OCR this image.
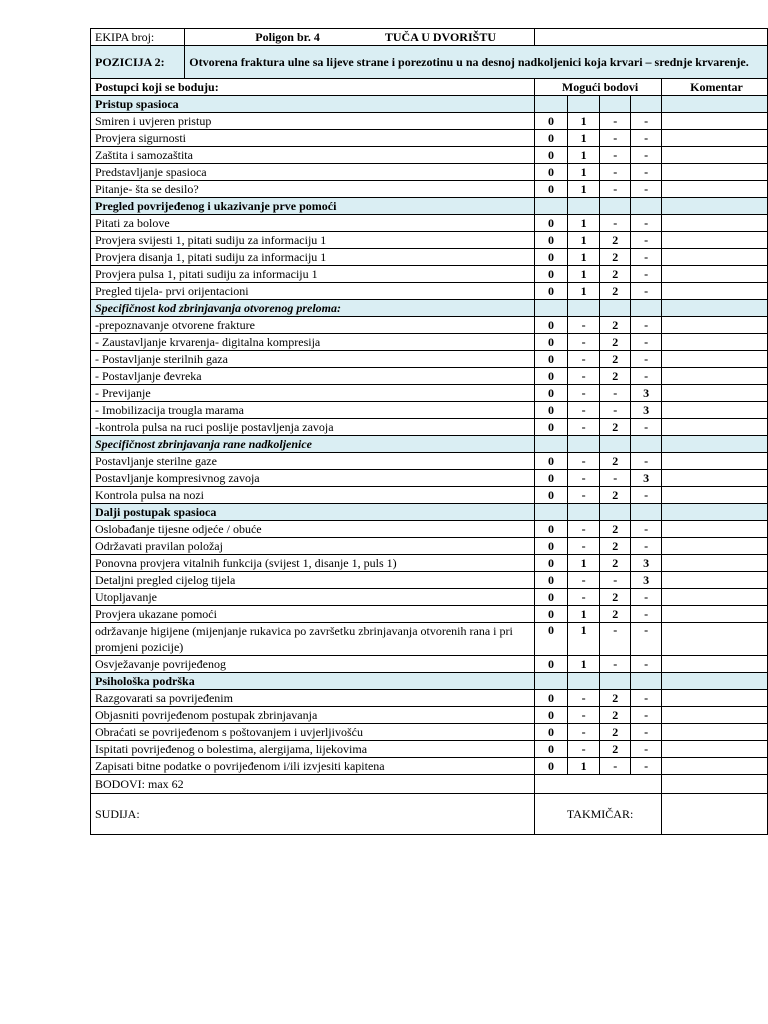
EKIPA broj:	Poligon br. 4 TUČA U DVORIŠTU					
POZICIJA 2:	Otvorena fraktura ulne sa lijeve strane i porezotinu u na desnoj nadkoljenici koja krvari – srednje krvarenje.					
Postupci koji se boduju:		Mogući bodovi				Komentar
Pristup spasioca						
Smiren i uvjeren pristup		0	1	-	-	
Provjera sigurnosti		0	1	-	-	
Zaštita i samozaštita		0	1	-	-	
Predstavljanje spasioca		0	1	-	-	
Pitanje- šta se desilo?		0	1	-	-	
Pregled povrijeđenog i ukazivanje prve pomoći						
Pitati za bolove		0	1	-	-	
Provjera svijesti 1, pitati sudiju za informaciju 1		0	1	2	-	
Provjera disanja 1, pitati sudiju za informaciju 1		0	1	2	-	
Provjera pulsa 1, pitati sudiju za informaciju 1		0	1	2	-	
Pregled tijela- prvi orijentacioni		0	1	2	-	
Specifičnost kod zbrinjavanja otvorenog preloma:						
-prepoznavanje otvorene frakture		0	-	2	-	
- Zaustavljanje krvarenja- digitalna kompresija		0	-	2	-	
- Postavljanje sterilnih gaza		0	-	2	-	
- Postavljanje đevreka		0	-	2	-	
- Previjanje		0	-	-	3	
- Imobilizacija trougla marama		0	-	-	3	
-kontrola pulsa na ruci poslije postavljenja zavoja		0	-	2	-	
Specifičnost zbrinjavanja rane nadkoljenice						
Postavljanje sterilne gaze		0	-	2	-	
Postavljanje kompresivnog zavoja		0	-	-	3	
Kontrola pulsa na nozi		0	-	2	-	
Dalji postupak spasioca						
Oslobađanje tijesne odjeće / obuće		0	-	2	-	
Održavati pravilan položaj		0	-	2	-	
Ponovna provjera vitalnih funkcija (svijest 1, disanje 1, puls 1)		0	1	2	3	
Detaljni pregled cijelog tijela		0	-	-	3	
Utopljavanje		0	-	2	-	
Provjera ukazane pomoći		0	1	2	-	
održavanje higijene (mijenjanje rukavica po završetku zbrinjavanja otvorenih rana i pri promjeni pozicije)		0	1	-	-	
Osvježavanje povrijeđenog		0	1	-	-	
Psihološka podrška						
Razgovarati sa povrijeđenim		0	-	2	-	
Objasniti povrijeđenom postupak zbrinjavanja		0	-	2	-	
Obraćati se povrijeđenom s poštovanjem i uvjerljivošću		0	-	2	-	
Ispitati povrijeđenog o bolestima, alergijama, lijekovima		0	-	2	-	
Zapisati bitne podatke o povrijeđenom i/ili izvjesiti kapitena		0	1	-	-	
BODOVI: max 62						
SUDIJA:		TAKMIČAR:				
